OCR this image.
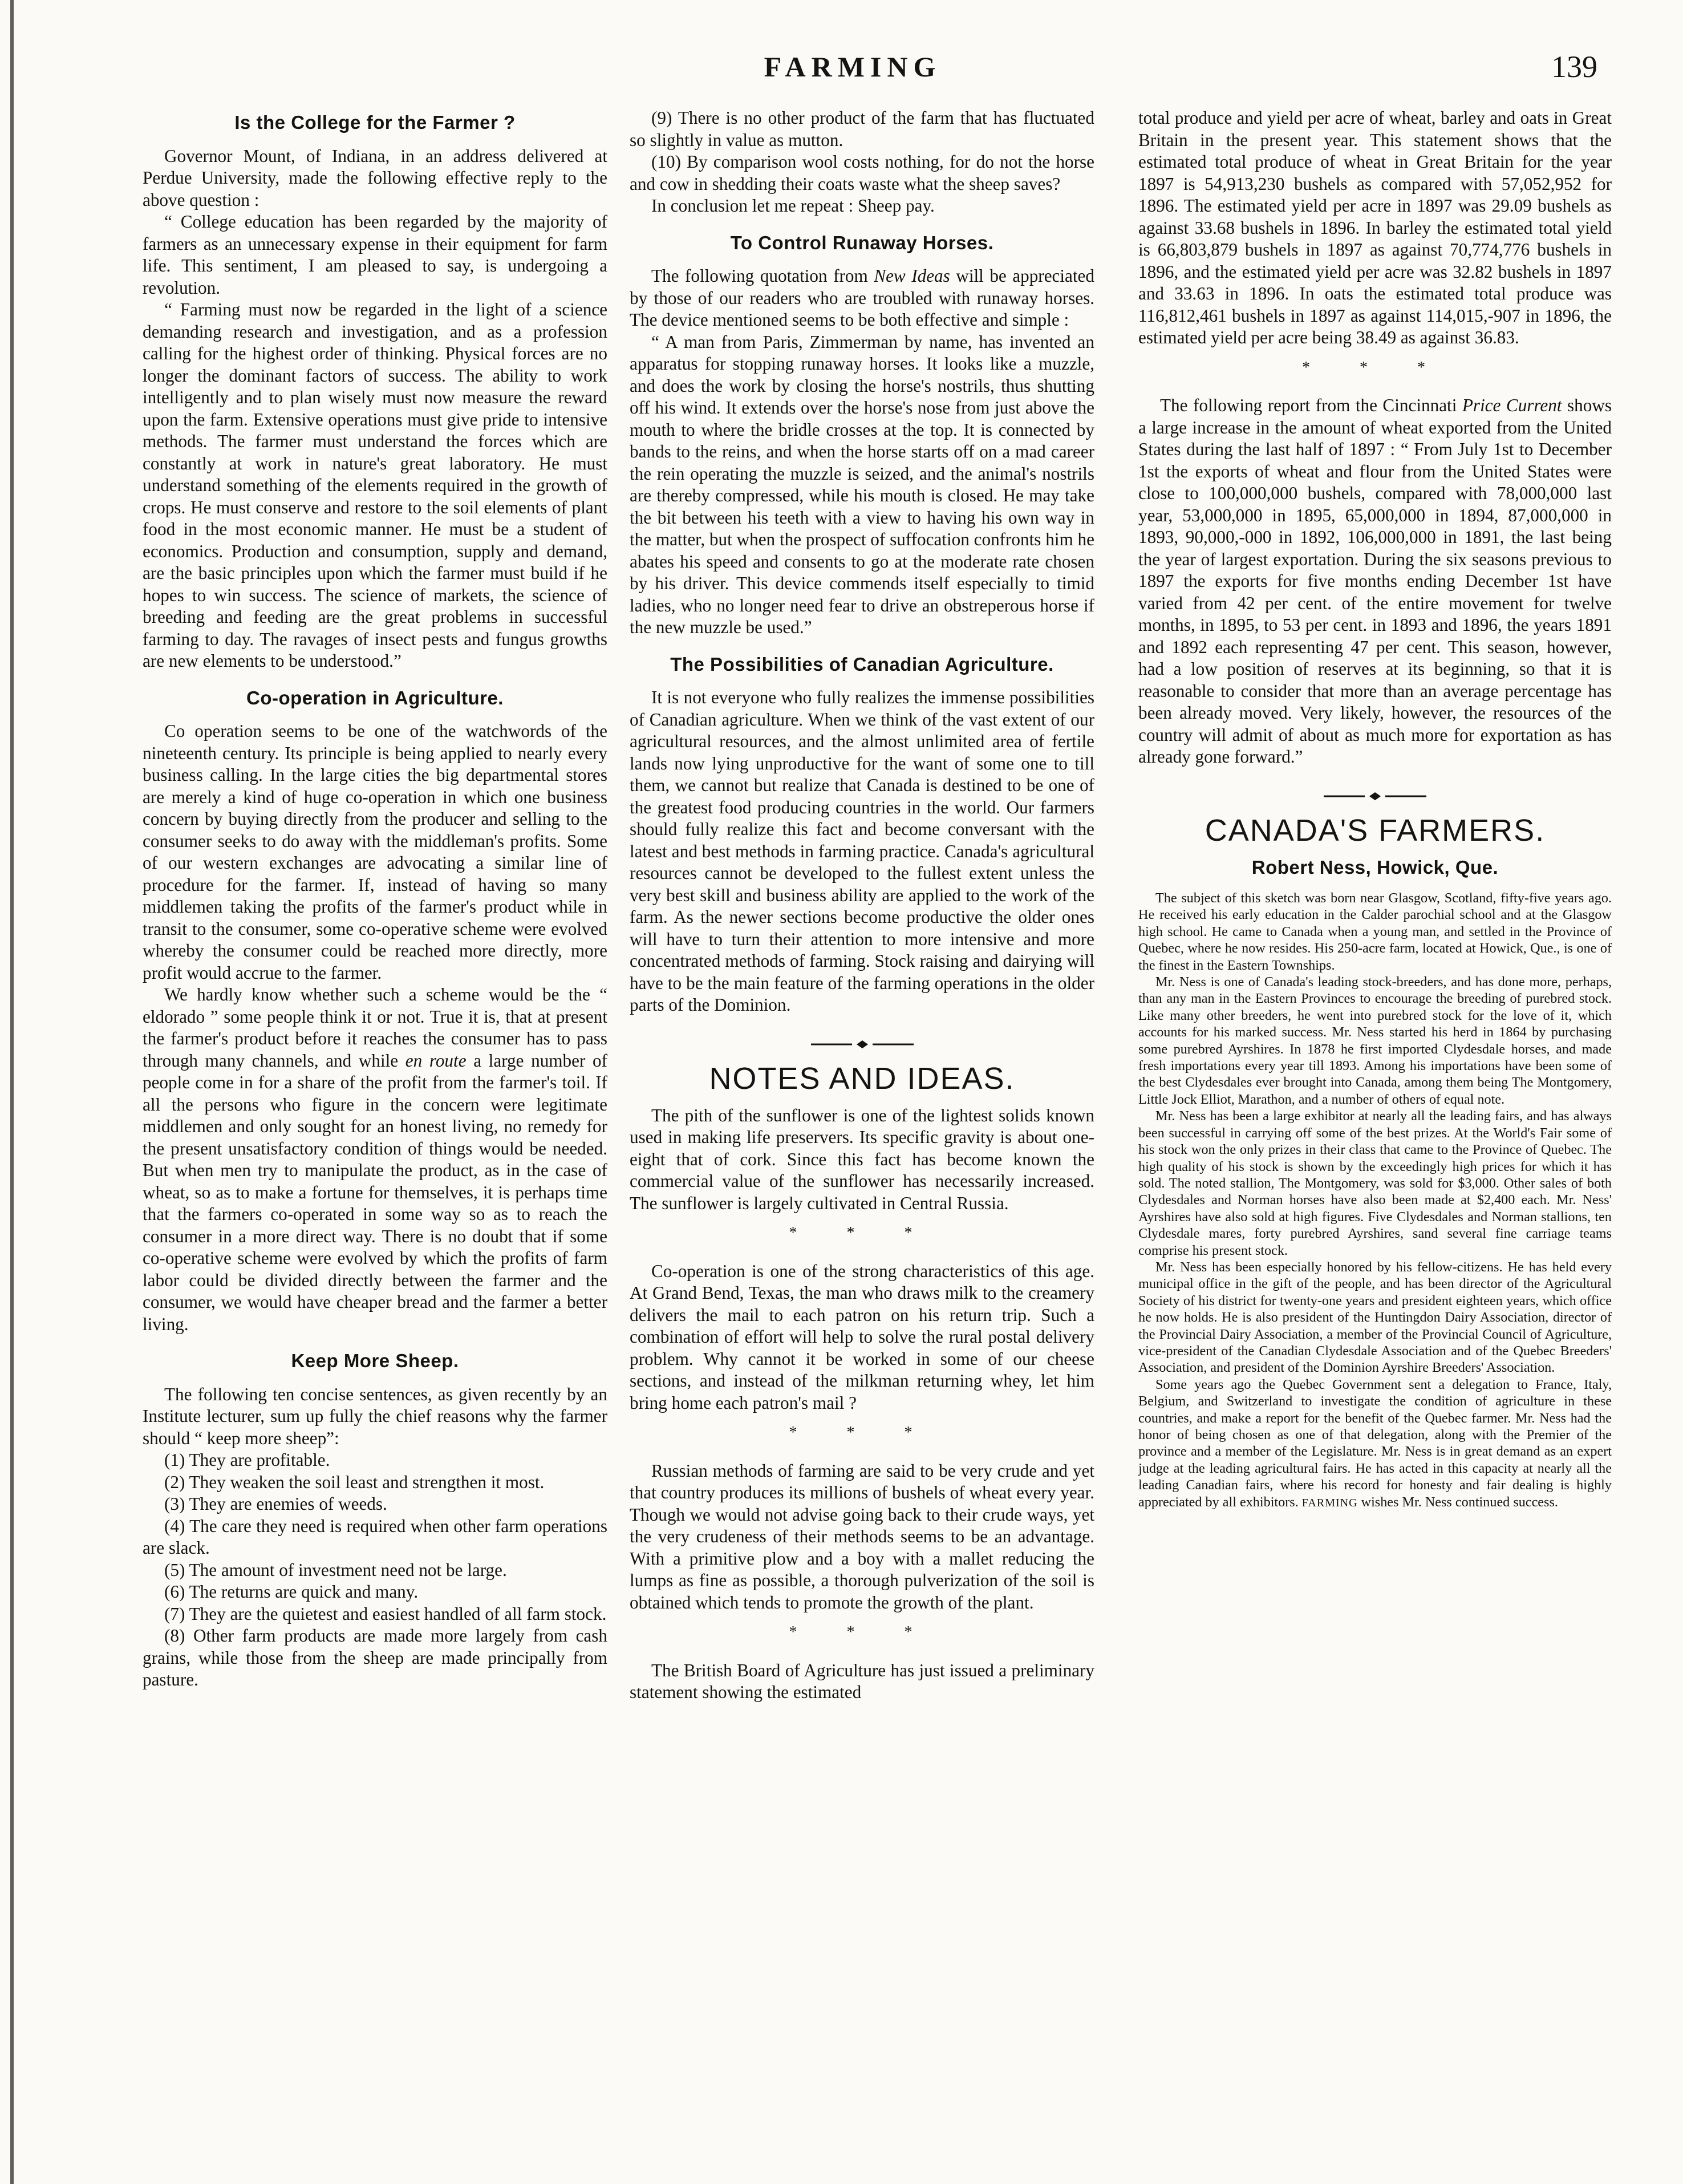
FARMING	139
Is the College for the Farmer ?

Governor Mount, of Indiana, in an address delivered at Perdue University, made the following effective reply to the above question :

“ College education has been regarded by the majority of farmers as an unnecessary expense in their equipment for farm life. This sentiment, I am pleased to say, is undergoing a revolution.

“ Farming must now be regarded in the light of a science demanding research and investigation, and as a profession calling for the highest order of thinking. Physical forces are no longer the dominant factors of success. The ability to work intelligently and to plan wisely must now measure the reward upon the farm. Extensive operations must give pride to intensive methods. The farmer must understand the forces which are constantly at work in nature's great laboratory. He must understand something of the elements required in the growth of crops. He must conserve and restore to the soil elements of plant food in the most economic manner. He must be a student of economics. Production and consumption, supply and demand, are the basic principles upon which the farmer must build if he hopes to win success. The science of markets, the science of breeding and feeding are the great problems in successful farming to day. The ravages of insect pests and fungus growths are new elements to be understood.”

Co-operation in Agriculture.

Co operation seems to be one of the watchwords of the nineteenth century. Its principle is being applied to nearly every business calling. In the large cities the big departmental stores are merely a kind of huge co-operation in which one business concern by buying directly from the producer and selling to the consumer seeks to do away with the middleman's profits. Some of our western exchanges are advocating a similar line of procedure for the farmer. If, instead of having so many middlemen taking the profits of the farmer's product while in transit to the consumer, some co-operative scheme were evolved whereby the consumer could be reached more directly, more profit would accrue to the farmer.

We hardly know whether such a scheme would be the “ eldorado ” some people think it or not. True it is, that at present the farmer's product before it reaches the consumer has to pass through many channels, and while en route a large number of people come in for a share of the profit from the farmer's toil. If all the persons who figure in the concern were legitimate middlemen and only sought for an honest living, no remedy for the present unsatisfactory condition of things would be needed. But when men try to manipulate the product, as in the case of wheat, so as to make a fortune for themselves, it is perhaps time that the farmers co-operated in some way so as to reach the consumer in a more direct way. There is no doubt that if some co-operative scheme were evolved by which the profits of farm labor could be divided directly between the farmer and the consumer, we would have cheaper bread and the farmer a better living.

Keep More Sheep.

The following ten concise sentences, as given recently by an Institute lecturer, sum up fully the chief reasons why the farmer should “ keep more sheep”:

(1) They are profitable.

(2) They weaken the soil least and strengthen it most.

(3) They are enemies of weeds.

(4) The care they need is required when other farm operations are slack.

(5) The amount of investment need not be large.

(6) The returns are quick and many.

(7) They are the quietest and easiest handled of all farm stock.

(8) Other farm products are made more largely from cash grains, while those from the sheep are made principally from pasture.

(9) There is no other product of the farm that has fluctuated so slightly in value as mutton.

(10) By comparison wool costs nothing, for do not the horse and cow in shedding their coats waste what the sheep saves?

In conclusion let me repeat : Sheep pay.

To Control Runaway Horses.

The following quotation from New Ideas will be appreciated by those of our readers who are troubled with runaway horses. The device mentioned seems to be both effective and simple :

“ A man from Paris, Zimmerman by name, has invented an apparatus for stopping runaway horses. It looks like a muzzle, and does the work by closing the horse's nostrils, thus shutting off his wind. It extends over the horse's nose from just above the mouth to where the bridle crosses at the top. It is connected by bands to the reins, and when the horse starts off on a mad career the rein operating the muzzle is seized, and the animal's nostrils are thereby compressed, while his mouth is closed. He may take the bit between his teeth with a view to having his own way in the matter, but when the prospect of suffocation confronts him he abates his speed and consents to go at the moderate rate chosen by his driver. This device commends itself especially to timid ladies, who no longer need fear to drive an obstreperous horse if the new muzzle be used.”

The Possibilities of Canadian Agriculture.

It is not everyone who fully realizes the immense possibilities of Canadian agriculture. When we think of the vast extent of our agricultural resources, and the almost unlimited area of fertile lands now lying unproductive for the want of some one to till them, we cannot but realize that Canada is destined to be one of the greatest food producing countries in the world. Our farmers should fully realize this fact and become conversant with the latest and best methods in farming practice. Canada's agricultural resources cannot be developed to the fullest extent unless the very best skill and business ability are applied to the work of the farm. As the newer sections become productive the older ones will have to turn their attention to more intensive and more concentrated methods of farming. Stock raising and dairying will have to be the main feature of the farming operations in the older parts of the Dominion.

NOTES AND IDEAS.

The pith of the sunflower is one of the lightest solids known used in making life preservers. Its specific gravity is about one-eight that of cork. Since this fact has become known the commercial value of the sunflower has necessarily increased. The sunflower is largely cultivated in Central Russia.

* * *

Co-operation is one of the strong characteristics of this age. At Grand Bend, Texas, the man who draws milk to the creamery delivers the mail to each patron on his return trip. Such a combination of effort will help to solve the rural postal delivery problem. Why cannot it be worked in some of our cheese sections, and instead of the milkman returning whey, let him bring home each patron's mail ?

* * *

Russian methods of farming are said to be very crude and yet that country produces its millions of bushels of wheat every year. Though we would not advise going back to their crude ways, yet the very crudeness of their methods seems to be an advantage. With a primitive plow and a boy with a mallet reducing the lumps as fine as possible, a thorough pulverization of the soil is obtained which tends to promote the growth of the plant.

* * *

The British Board of Agriculture has just issued a preliminary statement showing the estimated

total produce and yield per acre of wheat, barley and oats in Great Britain in the present year. This statement shows that the estimated total produce of wheat in Great Britain for the year 1897 is 54,913,230 bushels as compared with 57,052,952 for 1896. The estimated yield per acre in 1897 was 29.09 bushels as against 33.68 bushels in 1896. In barley the estimated total yield is 66,803,879 bushels in 1897 as against 70,774,776 bushels in 1896, and the estimated yield per acre was 32.82 bushels in 1897 and 33.63 in 1896. In oats the estimated total produce was 116,812,461 bushels in 1897 as against 114,015,-907 in 1896, the estimated yield per acre being 38.49 as against 36.83.

* * *

The following report from the Cincinnati Price Current shows a large increase in the amount of wheat exported from the United States during the last half of 1897 : “ From July 1st to December 1st the exports of wheat and flour from the United States were close to 100,000,000 bushels, compared with 78,000,000 last year, 53,000,000 in 1895, 65,000,000 in 1894, 87,000,000 in 1893, 90,000,-000 in 1892, 106,000,000 in 1891, the last being the year of largest exportation. During the six seasons previous to 1897 the exports for five months ending December 1st have varied from 42 per cent. of the entire movement for twelve months, in 1895, to 53 per cent. in 1893 and 1896, the years 1891 and 1892 each representing 47 per cent. This season, however, had a low position of reserves at its beginning, so that it is reasonable to consider that more than an average percentage has been already moved. Very likely, however, the resources of the country will admit of about as much more for exportation as has already gone forward.”

CANADA'S FARMERS.
Robert Ness, Howick, Que.

The subject of this sketch was born near Glasgow, Scotland, fifty-five years ago. He received his early education in the Calder parochial school and at the Glasgow high school. He came to Canada when a young man, and settled in the Province of Quebec, where he now resides. His 250-acre farm, located at Howick, Que., is one of the finest in the Eastern Townships.

Mr. Ness is one of Canada's leading stock-breeders, and has done more, perhaps, than any man in the Eastern Provinces to encourage the breeding of purebred stock. Like many other breeders, he went into purebred stock for the love of it, which accounts for his marked success. Mr. Ness started his herd in 1864 by purchasing some purebred Ayrshires. In 1878 he first imported Clydesdale horses, and made fresh importations every year till 1893. Among his importations have been some of the best Clydesdales ever brought into Canada, among them being The Montgomery, Little Jock Elliot, Marathon, and a number of others of equal note.

Mr. Ness has been a large exhibitor at nearly all the leading fairs, and has always been successful in carrying off some of the best prizes. At the World's Fair some of his stock won the only prizes in their class that came to the Province of Quebec. The high quality of his stock is shown by the exceedingly high prices for which it has sold. The noted stallion, The Montgomery, was sold for $3,000. Other sales of both Clydesdales and Norman horses have also been made at $2,400 each. Mr. Ness' Ayrshires have also sold at high figures. Five Clydesdales and Norman stallions, ten Clydesdale mares, forty purebred Ayrshires, sand several fine carriage teams comprise his present stock.

Mr. Ness has been especially honored by his fellow-citizens. He has held every municipal office in the gift of the people, and has been director of the Agricultural Society of his district for twenty-one years and president eighteen years, which office he now holds. He is also president of the Huntingdon Dairy Association, director of the Provincial Dairy Association, a member of the Provincial Council of Agriculture, vice-president of the Canadian Clydesdale Association and of the Quebec Breeders' Association, and president of the Dominion Ayrshire Breeders' Association.

Some years ago the Quebec Government sent a delegation to France, Italy, Belgium, and Switzerland to investigate the condition of agriculture in these countries, and make a report for the benefit of the Quebec farmer. Mr. Ness had the honor of being chosen as one of that delegation, along with the Premier of the province and a member of the Legislature. Mr. Ness is in great demand as an expert judge at the leading agricultural fairs. He has acted in this capacity at nearly all the leading Canadian fairs, where his record for honesty and fair dealing is highly appreciated by all exhibitors. FARMING wishes Mr. Ness continued success.
